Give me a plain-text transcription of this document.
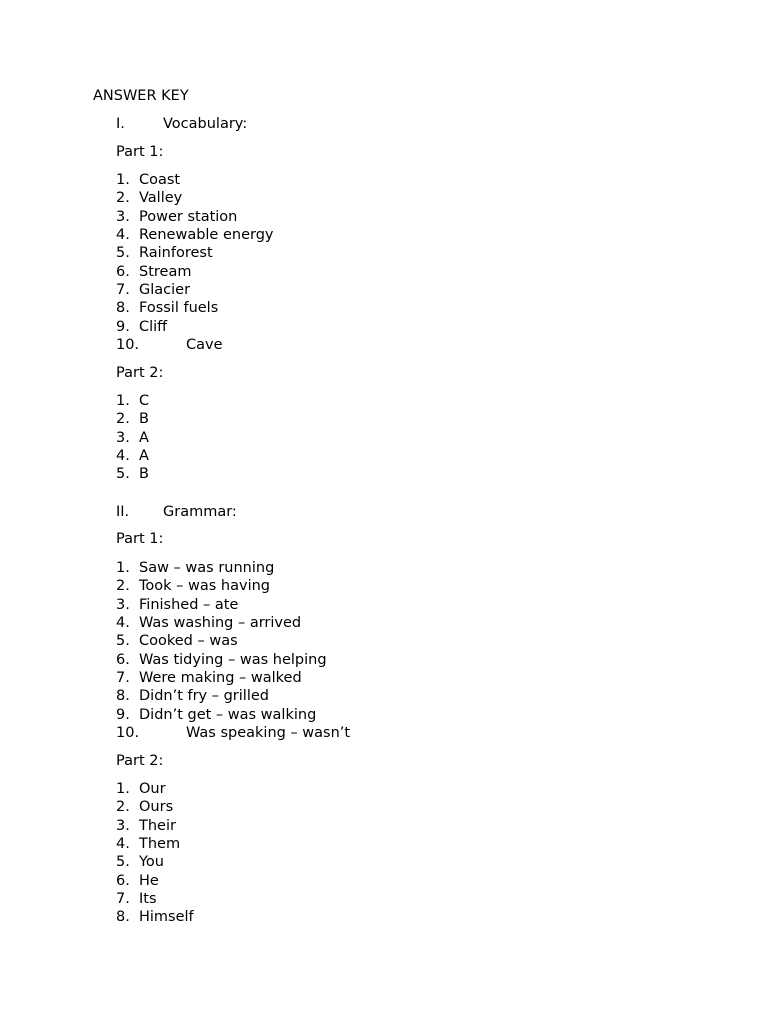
ANSWER KEY
I.	Vocabulary:
Part 1:
1. Coast
2. Valley
3. Power station
4. Renewable energy
5. Rainforest
6. Stream
7. Glacier
8. Fossil fuels
9. Cliff
10.	Cave
Part 2:
1. C
2. B
3. A
4. A
5. B
II. Grammar:
Part 1:
1. Saw – was running
2. Took – was having
3. Finished – ate
4. Was washing – arrived
5. Cooked – was
6. Was tidying – was helping
7. Were making – walked
8. Didn’t fry – grilled
9. Didn’t get – was walking
10.	Was speaking – wasn’t
Part 2:
1. Our
2. Ours
3. Their
4. Them
5. You
6. He
7. Its
8. Himself
